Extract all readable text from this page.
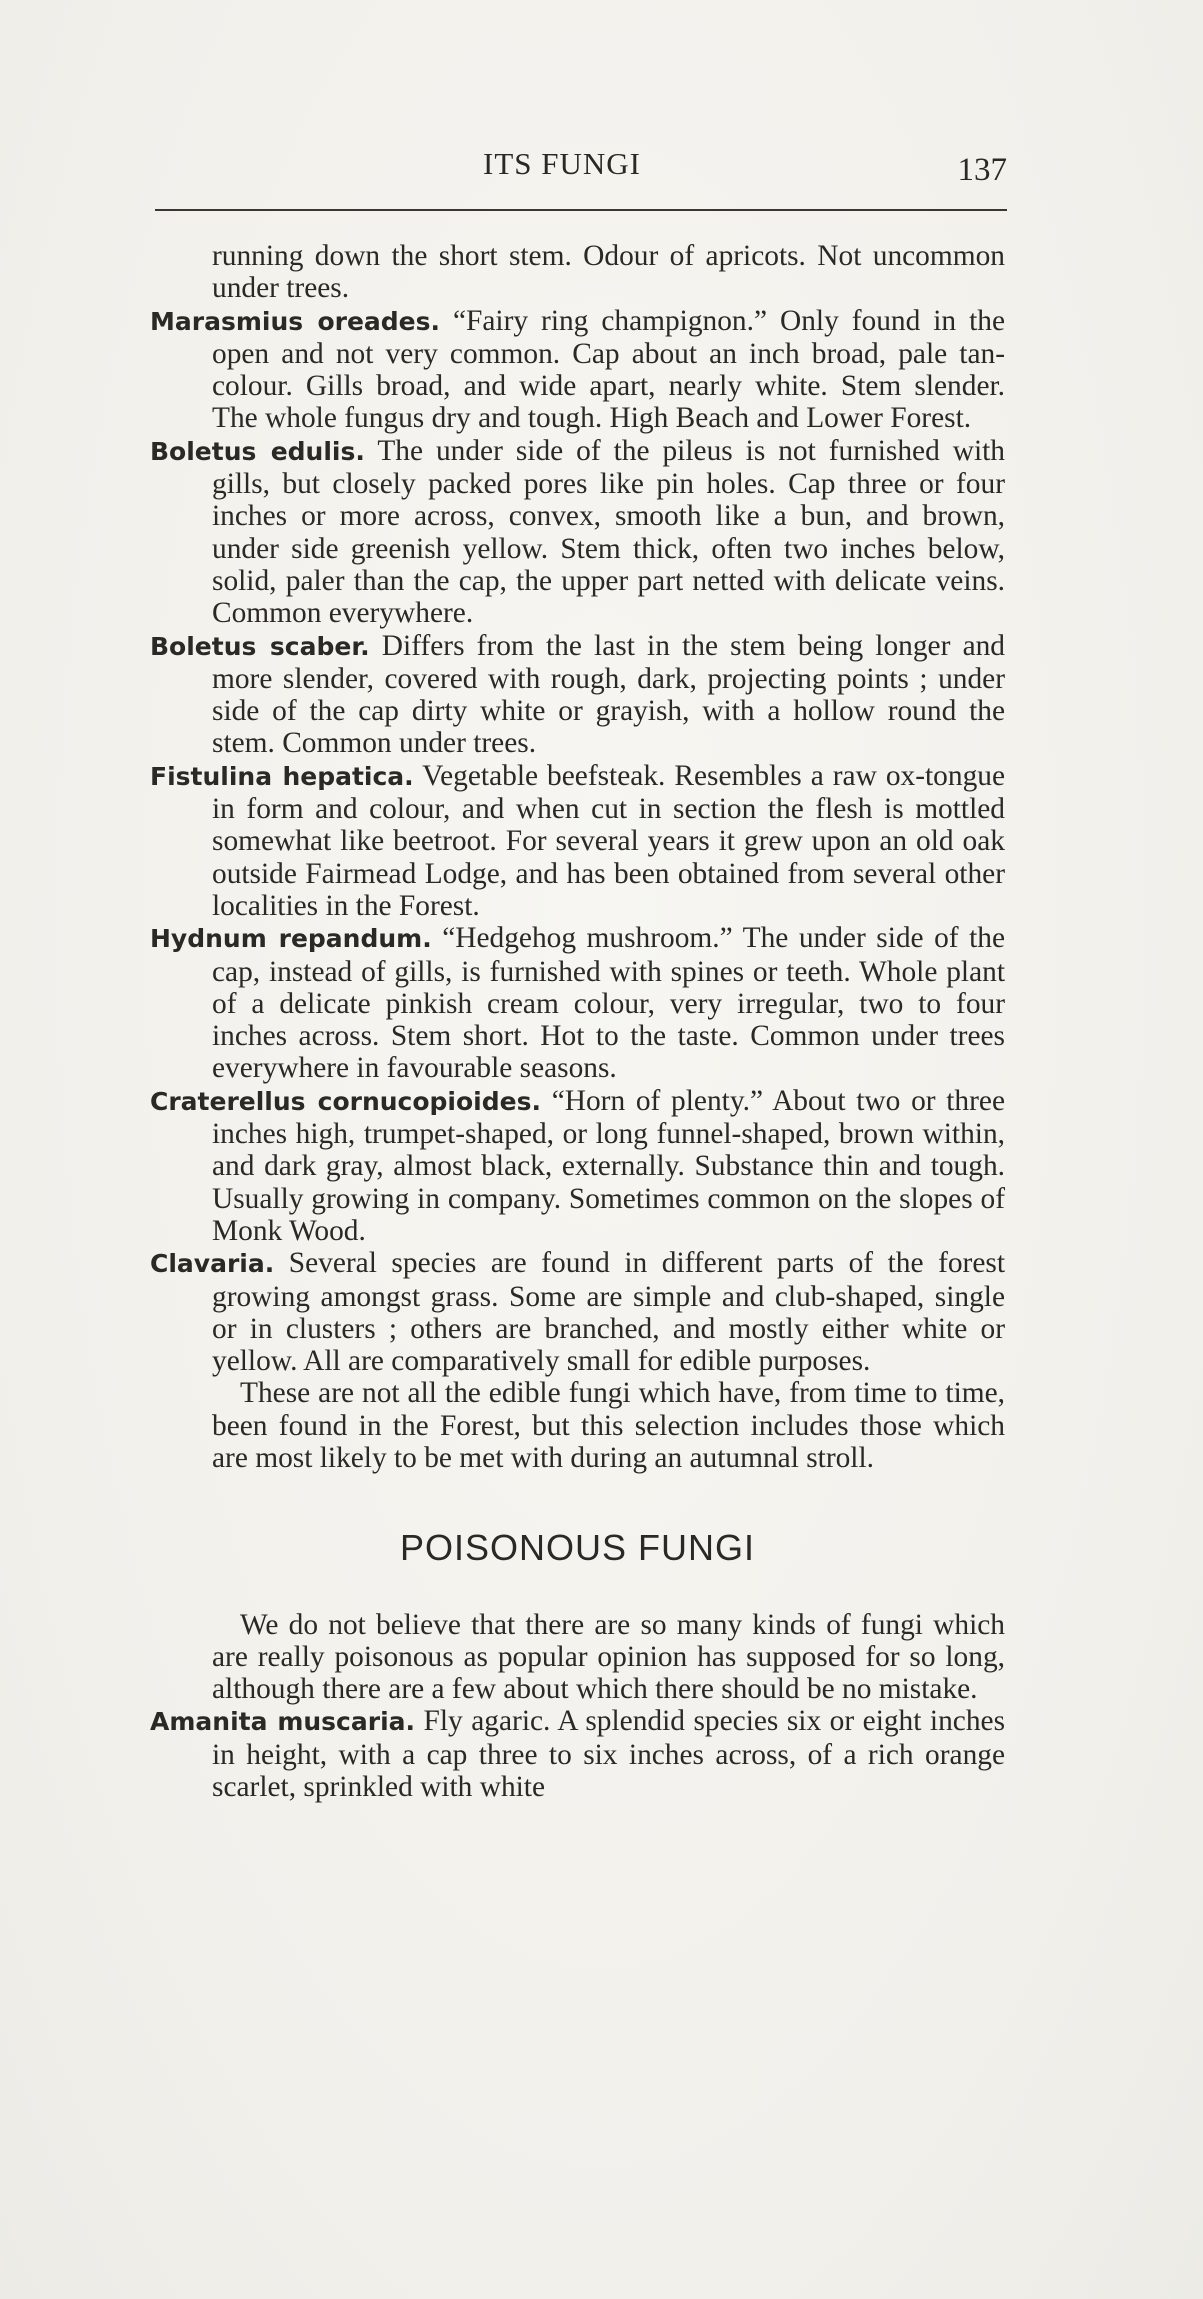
ITS FUNGI	137

running down the short stem. Odour of apricots. Not uncommon under trees.

Marasmius oreades. “Fairy ring champignon.” Only found in the open and not very common. Cap about an inch broad, pale tan-colour. Gills broad, and wide apart, nearly white. Stem slender. The whole fungus dry and tough. High Beach and Lower Forest.

Boletus edulis. The under side of the pileus is not furnished with gills, but closely packed pores like pin holes. Cap three or four inches or more across, convex, smooth like a bun, and brown, under side greenish yellow. Stem thick, often two inches below, solid, paler than the cap, the upper part netted with delicate veins. Common everywhere.

Boletus scaber. Differs from the last in the stem being longer and more slender, covered with rough, dark, projecting points ; under side of the cap dirty white or grayish, with a hollow round the stem. Common under trees.

Fistulina hepatica. Vegetable beefsteak. Resembles a raw ox-tongue in form and colour, and when cut in section the flesh is mottled somewhat like beetroot. For several years it grew upon an old oak outside Fairmead Lodge, and has been obtained from several other localities in the Forest.

Hydnum repandum. “Hedgehog mushroom.” The under side of the cap, instead of gills, is furnished with spines or teeth. Whole plant of a delicate pinkish cream colour, very irregular, two to four inches across. Stem short. Hot to the taste. Common under trees everywhere in favourable seasons.

Craterellus cornucopioides. “Horn of plenty.” About two or three inches high, trumpet-shaped, or long funnel-shaped, brown within, and dark gray, almost black, externally. Substance thin and tough. Usually growing in company. Sometimes common on the slopes of Monk Wood.

Clavaria. Several species are found in different parts of the forest growing amongst grass. Some are simple and club-shaped, single or in clusters ; others are branched, and mostly either white or yellow. All are comparatively small for edible purposes.

These are not all the edible fungi which have, from time to time, been found in the Forest, but this selection includes those which are most likely to be met with during an autumnal stroll.

POISONOUS FUNGI

We do not believe that there are so many kinds of fungi which are really poisonous as popular opinion has supposed for so long, although there are a few about which there should be no mistake.

Amanita muscaria. Fly agaric. A splendid species six or eight inches in height, with a cap three to six inches across, of a rich orange scarlet, sprinkled with white
